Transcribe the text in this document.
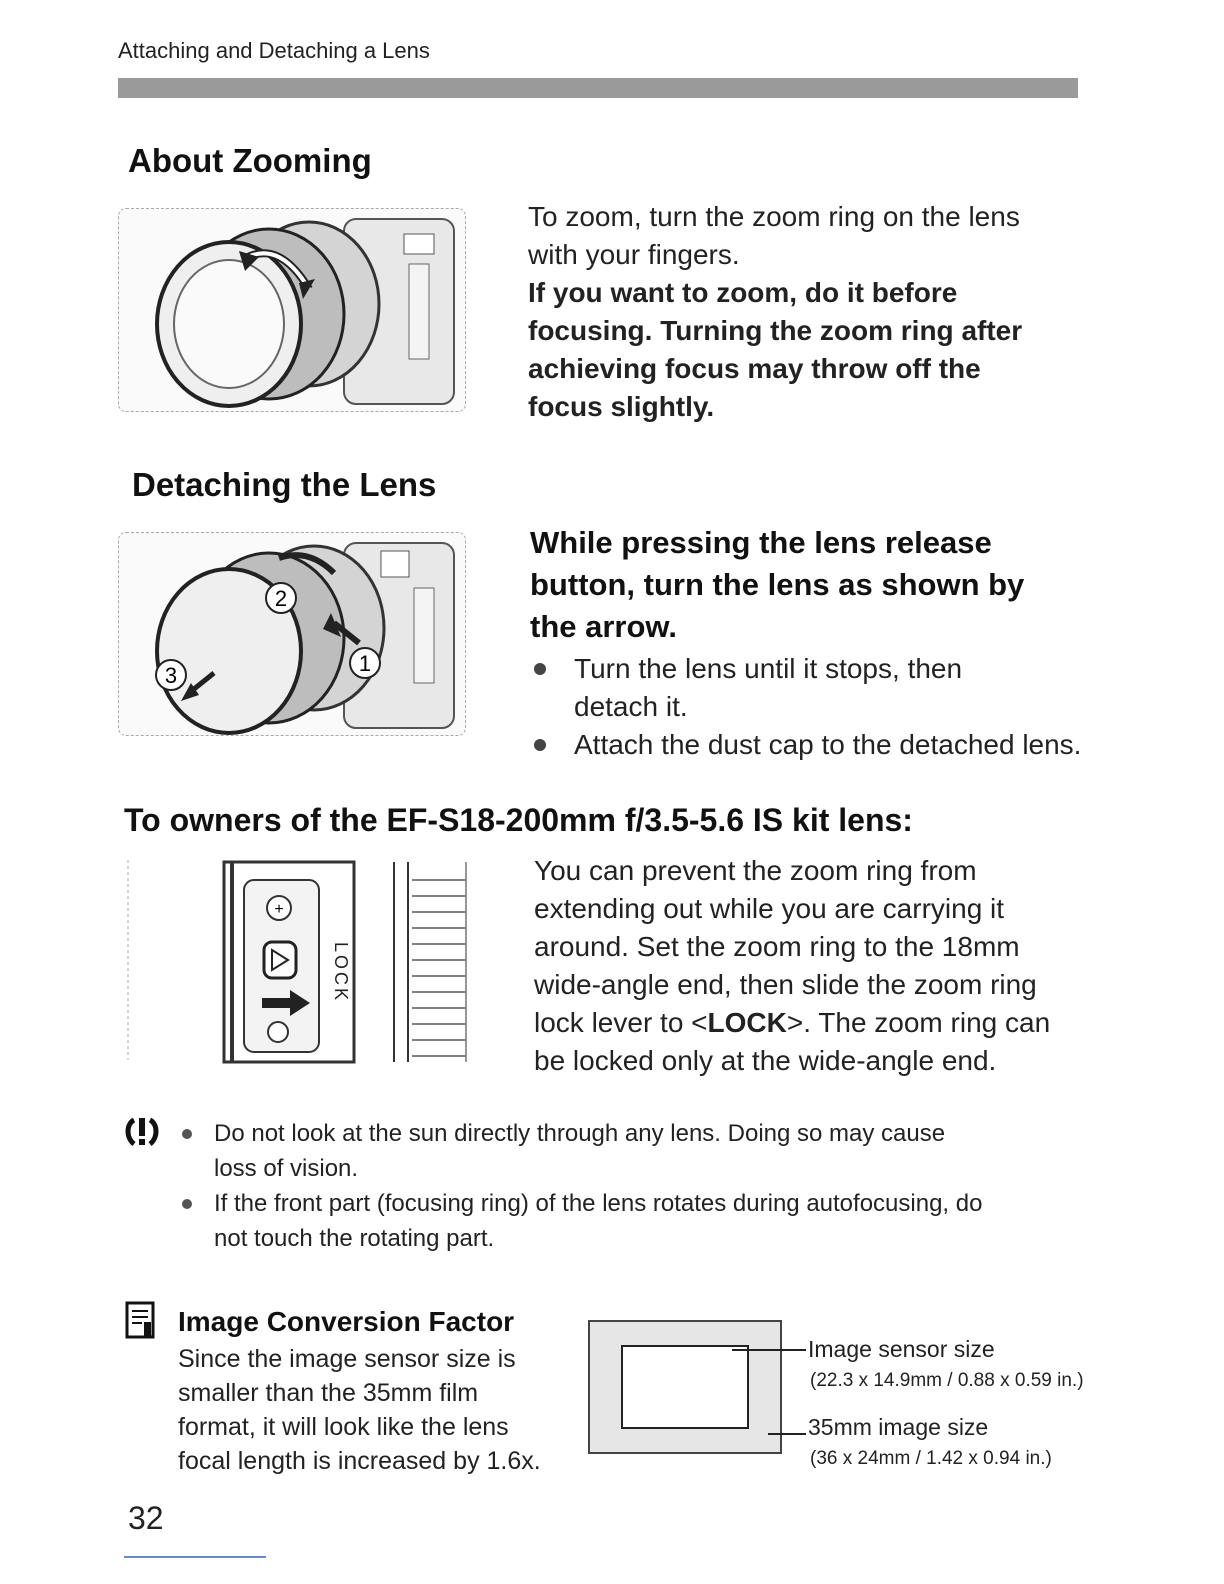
Attaching and Detaching a Lens
About Zooming
To zoom, turn the zoom ring on the lens
with your fingers.
If you want to zoom, do it before
focusing. Turning the zoom ring after
achieving focus may throw off the
focus slightly.
Detaching the Lens
2
1
3
While pressing the lens release
button, turn the lens as shown by
the arrow.
Turn the lens until it stops, then
detach it.
Attach the dust cap to the detached lens.
To owners of the EF-S18-200mm f/3.5-5.6 IS kit lens:
+
LOCK
You can prevent the zoom ring from
extending out while you are carrying it
around. Set the zoom ring to the 18mm
wide-angle end, then slide the zoom ring
lock lever to <LOCK>. The zoom ring can
be locked only at the wide-angle end.
Do not look at the sun directly through any lens. Doing so may cause
loss of vision.
If the front part (focusing ring) of the lens rotates during autofocusing, do
not touch the rotating part.
Image Conversion Factor
Since the image sensor size is
smaller than the 35mm film
format, it will look like the lens
focal length is increased by 1.6x.
Image sensor size
(22.3 x 14.9mm / 0.88 x 0.59 in.)
35mm image size
(36 x 24mm / 1.42 x 0.94 in.)
32
